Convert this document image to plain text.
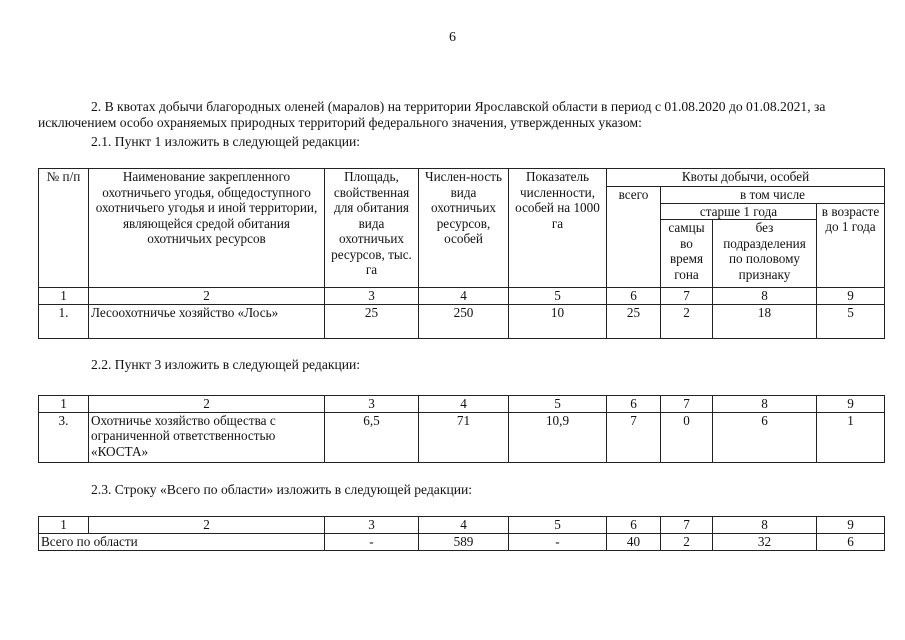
6

2. В квотах добычи благородных оленей (маралов) на территории Ярославской области в период с 01.08.2020 до 01.08.2021, за исключением особо охраняемых природных территорий федерального значения, утвержденных указом:

2.1. Пункт 1 изложить в следующей редакции:

№ п/п	Наименование закрепленного охотничьего угодья, общедоступного охотничьего угодья и иной территории, являющейся средой обитания охотничьих ресурсов	Площадь, свойственная для обитания вида охотничьих ресурсов, тыс. га	Числен-ность вида охотничьих ресурсов, особей	Показатель численности, особей на 1000 га	Квоты добычи, особей			
					всего	в том числе		
						старше 1 года		в возрасте до 1 года
						самцы во время гона	без подразделения по половому признаку	
1	2	3	4	5	6	7	8	9
1.	Лесоохотничье хозяйство «Лось»	25	250	10	25	2	18	5

2.2. Пункт 3 изложить в следующей редакции:

1	2	3	4	5	6	7	8	9
3.	Охотничье хозяйство общества с ограниченной ответственностью «КОСТА»	6,5	71	10,9	7	0	6	1

2.3. Строку «Всего по области» изложить в следующей редакции:

1	2	3	4	5	6	7	8	9
Всего по области		-	589	-	40	2	32	6
